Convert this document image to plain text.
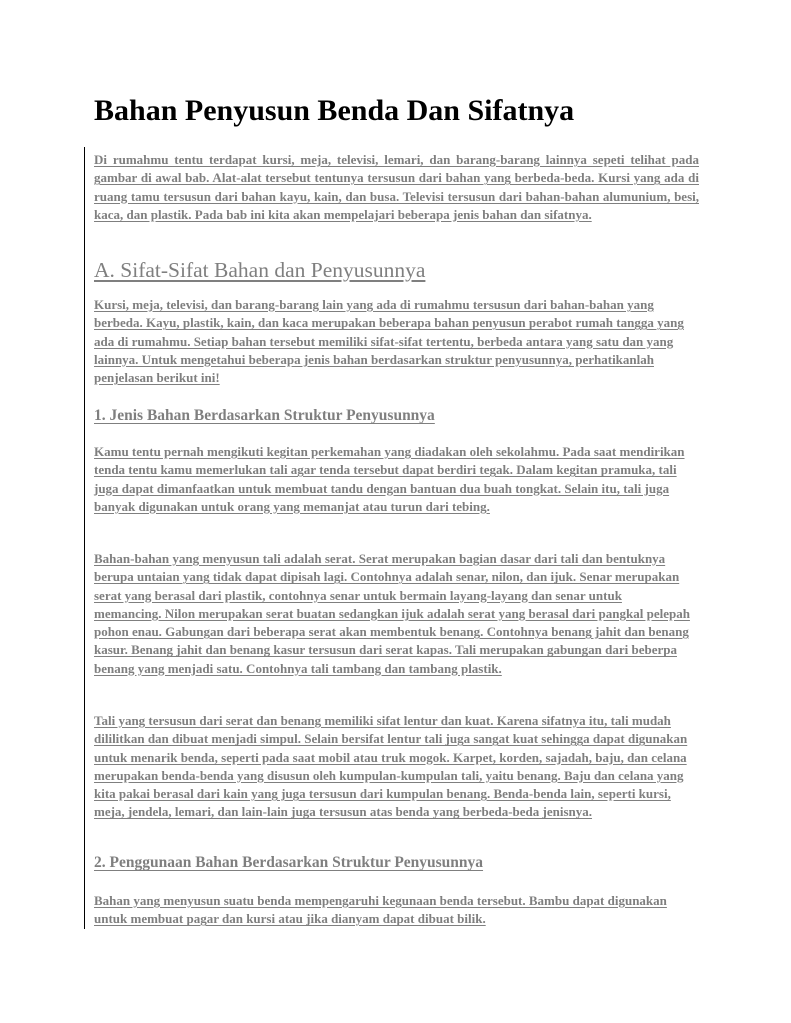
Bahan Penyusun Benda Dan Sifatnya

Di rumahmu tentu terdapat kursi, meja, televisi, lemari, dan barang-barang lainnya sepeti telihat pada gambar di awal bab. Alat-alat tersebut tentunya tersusun dari bahan yang berbeda-beda. Kursi yang ada di ruang tamu tersusun dari bahan kayu, kain, dan busa. Televisi tersusun dari bahan-bahan alumunium, besi, kaca, dan plastik. Pada bab ini kita akan mempelajari beberapa jenis bahan dan sifatnya.

A. Sifat-Sifat Bahan dan Penyusunnya

Kursi, meja, televisi, dan barang-barang lain yang ada di rumahmu tersusun dari bahan-bahan yang berbeda. Kayu, plastik, kain, dan kaca merupakan beberapa bahan penyusun perabot rumah tangga yang ada di rumahmu. Setiap bahan tersebut memiliki sifat-sifat tertentu, berbeda antara yang satu dan yang lainnya. Untuk mengetahui beberapa jenis bahan berdasarkan struktur penyusunnya, perhatikanlah penjelasan berikut ini!

1. Jenis Bahan Berdasarkan Struktur Penyusunnya

Kamu tentu pernah mengikuti kegitan perkemahan yang diadakan oleh sekolahmu. Pada saat mendirikan tenda tentu kamu memerlukan tali agar tenda tersebut dapat berdiri tegak. Dalam kegitan pramuka, tali juga dapat dimanfaatkan untuk membuat tandu dengan bantuan dua buah tongkat. Selain itu, tali juga banyak digunakan untuk orang yang memanjat atau turun dari tebing.

Bahan-bahan yang menyusun tali adalah serat. Serat merupakan bagian dasar dari tali dan bentuknya berupa untaian yang tidak dapat dipisah lagi. Contohnya adalah senar, nilon, dan ijuk. Senar merupakan serat yang berasal dari plastik, contohnya senar untuk bermain layang-layang dan senar untuk memancing. Nilon merupakan serat buatan sedangkan ijuk adalah serat yang berasal dari pangkal pelepah pohon enau. Gabungan dari beberapa serat akan membentuk benang. Contohnya benang jahit dan benang kasur. Benang jahit dan benang kasur tersusun dari serat kapas. Tali merupakan gabungan dari beberpa benang yang menjadi satu. Contohnya tali tambang dan tambang plastik.

Tali yang tersusun dari serat dan benang memiliki sifat lentur dan kuat. Karena sifatnya itu, tali mudah dililitkan dan dibuat menjadi simpul. Selain bersifat lentur tali juga sangat kuat sehingga dapat digunakan untuk menarik benda, seperti pada saat mobil atau truk mogok. Karpet, korden, sajadah, baju, dan celana merupakan benda-benda yang disusun oleh kumpulan-kumpulan tali, yaitu benang. Baju dan celana yang kita pakai berasal dari kain yang juga tersusun dari kumpulan benang. Benda-benda lain, seperti kursi, meja, jendela, lemari, dan lain-lain juga tersusun atas benda yang berbeda-beda jenisnya.

2. Penggunaan Bahan Berdasarkan Struktur Penyusunnya

Bahan yang menyusun suatu benda mempengaruhi kegunaan benda tersebut. Bambu dapat digunakan untuk membuat pagar dan kursi atau jika dianyam dapat dibuat bilik.
